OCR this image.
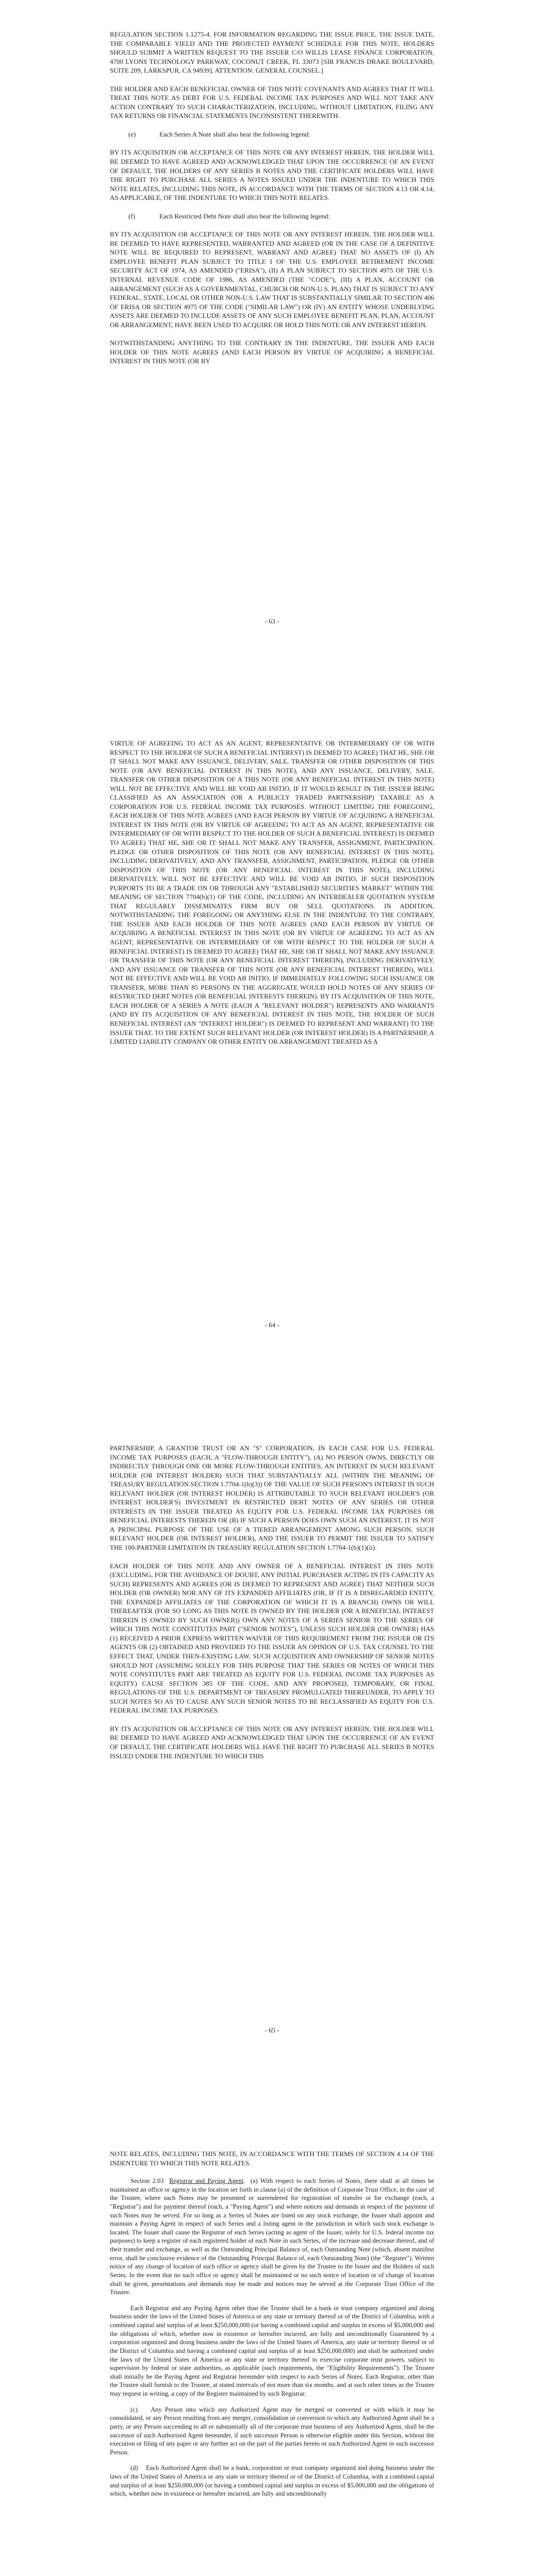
REGULATION SECTION 1.1275-4. FOR INFORMATION REGARDING THE ISSUE PRICE, THE ISSUE DATE, THE COMPARABLE YIELD AND THE PROJECTED PAYMENT SCHEDULE FOR THIS NOTE, HOLDERS SHOULD SUBMIT A WRITTEN REQUEST TO THE ISSUER C/O WILLIS LEASE FINANCE CORPORATION, 4700 LYONS TECHNOLOGY PARKWAY, COCONUT CREEK, FL 33073 [SIR FRANCIS DRAKE BOULEVARD, SUITE 209, LARKSPUR, CA 94939], ATTENTION: GENERAL COUNSEL.]

THE HOLDER AND EACH BENEFICIAL OWNER OF THIS NOTE COVENANTS AND AGREES THAT IT WILL TREAT THIS NOTE AS DEBT FOR U.S. FEDERAL INCOME TAX PURPOSES AND WILL NOT TAKE ANY ACTION CONTRARY TO SUCH CHARACTERIZATION, INCLUDING, WITHOUT LIMITATION, FILING ANY TAX RETURNS OR FINANCIAL STATEMENTS INCONSISTENT THEREWITH.

(e)	Each Series A Note shall also bear the following legend:

BY ITS ACQUISITION OR ACCEPTANCE OF THIS NOTE OR ANY INTEREST HEREIN, THE HOLDER WILL BE DEEMED TO HAVE AGREED AND ACKNOWLEDGED THAT UPON THE OCCURRENCE OF AN EVENT OF DEFAULT, THE HOLDERS OF ANY SERIES B NOTES AND THE CERTIFICATE HOLDERS WILL HAVE THE RIGHT TO PURCHASE ALL SERIES A NOTES ISSUED UNDER THE INDENTURE TO WHICH THIS NOTE RELATES, INCLUDING THIS NOTE, IN ACCORDANCE WITH THE TERMS OF SECTION 4.13 OR 4.14, AS APPLICABLE, OF THE INDENTURE TO WHICH THIS NOTE RELATES.

(f)	Each Restricted Debt Note shall also bear the following legend:

BY ITS ACQUISITION OR ACCEPTANCE OF THIS NOTE OR ANY INTEREST HEREIN, THE HOLDER WILL BE DEEMED TO HAVE REPRESENTED, WARRANTED AND AGREED (OR IN THE CASE OF A DEFINITIVE NOTE WILL BE REQUIRED TO REPRESENT, WARRANT AND AGREE) THAT NO ASSETS OF (I) AN EMPLOYEE BENEFIT PLAN SUBJECT TO TITLE I OF THE U.S. EMPLOYEE RETIREMENT INCOME SECURITY ACT OF 1974, AS AMENDED ("ERISA"), (II) A PLAN SUBJECT TO SECTION 4975 OF THE U.S. INTERNAL REVENUE CODE OF 1986, AS AMENDED (THE "CODE"), (III) A PLAN, ACCOUNT OR ARRANGEMENT (SUCH AS A GOVERNMENTAL, CHURCH OR NON-U.S. PLAN) THAT IS SUBJECT TO ANY FEDERAL, STATE, LOCAL OR OTHER NON-U.S. LAW THAT IS SUBSTANTIALLY SIMILAR TO SECTION 406 OF ERISA OR SECTION 4975 OF THE CODE ("SIMILAR LAW") OR (IV) AN ENTITY WHOSE UNDERLYING ASSETS ARE DEEMED TO INCLUDE ASSETS OF ANY SUCH EMPLOYEE BENEFIT PLAN, PLAN, ACCOUNT OR ARRANGEMENT, HAVE BEEN USED TO ACQUIRE OR HOLD THIS NOTE OR ANY INTEREST HEREIN.

NOTWITHSTANDING ANYTHING TO THE CONTRARY IN THE INDENTURE, THE ISSUER AND EACH HOLDER OF THIS NOTE AGREES (AND EACH PERSON BY VIRTUE OF ACQUIRING A BENEFICIAL INTEREST IN THIS NOTE (OR BY

- 63 -

VIRTUE OF AGREEING TO ACT AS AN AGENT, REPRESENTATIVE OR INTERMEDIARY OF OR WITH RESPECT TO THE HOLDER OF SUCH A BENEFICIAL INTEREST) IS DEEMED TO AGREE) THAT HE, SHE OR IT SHALL NOT MAKE ANY ISSUANCE, DELIVERY, SALE, TRANSFER OR OTHER DISPOSITION OF THIS NOTE (OR ANY BENEFICIAL INTEREST IN THIS NOTE), AND ANY ISSUANCE, DELIVERY, SALE, TRANSFER OR OTHER DISPOSITION OF A THIS NOTE (OR ANY BENEFICIAL INTEREST IN THIS NOTE) WILL NOT BE EFFECTIVE AND WILL BE VOID AB INITIO, IF IT WOULD RESULT IN THE ISSUER BEING CLASSIFIED AS AN ASSOCIATION (OR A PUBLICLY TRADED PARTNERSHIP) TAXABLE AS A CORPORATION FOR U.S. FEDERAL INCOME TAX PURPOSES. WITHOUT LIMITING THE FOREGOING, EACH HOLDER OF THIS NOTE AGREES (AND EACH PERSON BY VIRTUE OF ACQUIRING A BENEFICIAL INTEREST IN THIS NOTE (OR BY VIRTUE OF AGREEING TO ACT AS AN AGENT, REPRESENTATIVE OR INTERMEDIARY OF OR WITH RESPECT TO THE HOLDER OF SUCH A BENEFICIAL INTEREST) IS DEEMED TO AGREE) THAT HE, SHE OR IT SHALL NOT MAKE ANY TRANSFER, ASSIGNMENT, PARTICIPATION, PLEDGE OR OTHER DISPOSITION OF THIS NOTE (OR ANY BENEFICIAL INTEREST IN THIS NOTE), INCLUDING DERIVATIVELY, AND ANY TRANSFER, ASSIGNMENT, PARTICIPATION, PLEDGE OR OTHER DISPOSITION OF THIS NOTE (OR ANY BENEFICIAL INTEREST IN THIS NOTE), INCLUDING DERIVATIVELY, WILL NOT BE EFFECTIVE AND WILL BE VOID AB INITIO, IF SUCH DISPOSITION PURPORTS TO BE A TRADE ON OR THROUGH ANY "ESTABLISHED SECURITIES MARKET" WITHIN THE MEANING OF SECTION 7704(b)(1) OF THE CODE, INCLUDING AN INTERDEALER QUOTATION SYSTEM THAT REGULARLY DISSEMINATES FIRM BUY OR SELL QUOTATIONS. IN ADDITION, NOTWITHSTANDING THE FOREGOING OR ANYTHING ELSE IN THE INDENTURE TO THE CONTRARY, THE ISSUER AND EACH HOLDER OF THIS NOTE AGREES (AND EACH PERSON BY VIRTUE OF ACQUIRING A BENEFICIAL INTEREST IN THIS NOTE (OR BY VIRTUE OF AGREEING TO ACT AS AN AGENT, REPRESENTATIVE OR INTERMEDIARY OF OR WITH RESPECT TO THE HOLDER OF SUCH A BENEFICIAL INTEREST) IS DEEMED TO AGREE) THAT HE, SHE OR IT SHALL NOT MAKE ANY ISSUANCE OR TRANSFER OF THIS NOTE (OR ANY BENEFICIAL INTEREST THEREIN), INCLUDING DERIVATIVELY, AND ANY ISSUANCE OR TRANSFER OF THIS NOTE (OR ANY BENEFICIAL INTEREST THEREIN), WILL NOT BE EFFECTIVE AND WILL BE VOID AB INITIO, IF IMMEDIATELY FOLLOWING SUCH ISSUANCE OR TRANSFER, MORE THAN 85 PERSONS IN THE AGGREGATE WOULD HOLD NOTES OF ANY SERIES OF RESTRICTED DEBT NOTES (OR BENEFICIAL INTERESTS THEREIN). BY ITS ACQUISITION OF THIS NOTE, EACH HOLDER OF A SERIES A NOTE (EACH A "RELEVANT HOLDER") REPRESENTS AND WARRANTS (AND BY ITS ACQUISITION OF ANY BENEFICIAL INTEREST IN THIS NOTE, THE HOLDER OF SUCH BENEFICIAL INTEREST (AN "INTEREST HOLDER") IS DEEMED TO REPRESENT AND WARRANT) TO THE ISSUER THAT, TO THE EXTENT SUCH RELEVANT HOLDER (OR INTEREST HOLDER) IS A PARTNERSHIP, A LIMITED LIABILITY COMPANY OR OTHER ENTITY OR ARRANGEMENT TREATED AS A

- 64 -

PARTNERSHIP, A GRANTOR TRUST OR AN "S" CORPORATION, IN EACH CASE FOR U.S. FEDERAL INCOME TAX PURPOSES (EACH, A "FLOW-THROUGH ENTITY"), (A) NO PERSON OWNS, DIRECTLY OR INDIRECTLY THROUGH ONE OR MORE FLOW-THROUGH ENTITIES, AN INTEREST IN SUCH RELEVANT HOLDER (OR INTEREST HOLDER) SUCH THAT SUBSTANTIALLY ALL (WITHIN THE MEANING OF TREASURY REGULATION SECTION 1.7704-1(h)(3)) OF THE VALUE OF SUCH PERSON'S INTEREST IN SUCH RELEVANT HOLDER (OR INTEREST HOLDER) IS ATTRIBUTABLE TO SUCH RELEVANT HOLDER'S (OR INTEREST HOLDER'S) INVESTMENT IN RESTRICTED DEBT NOTES OF ANY SERIES OR OTHER INTERESTS IN THE ISSUER TREATED AS EQUITY FOR U.S. FEDERAL INCOME TAX PURPOSES OR BENEFICIAL INTERESTS THEREIN OR (B) IF SUCH A PERSON DOES OWN SUCH AN INTEREST, IT IS NOT A PRINCIPAL PURPOSE OF THE USE OF A TIERED ARRANGEMENT AMONG SUCH PERSON, SUCH RELEVANT HOLDER (OR INTEREST HOLDER), AND THE ISSUER TO PERMIT THE ISSUER TO SATISFY THE 100-PARTNER LIMITATION IN TREASURY REGULATION SECTION 1.7704-1(h)(1)(ii).

EACH HOLDER OF THIS NOTE AND ANY OWNER OF A BENEFICIAL INTEREST IN THIS NOTE (EXCLUDING, FOR THE AVOIDANCE OF DOUBT, ANY INITIAL PURCHASER ACTING IN ITS CAPACITY AS SUCH) REPRESENTS AND AGREES (OR IS DEEMED TO REPRESENT AND AGREE) THAT NEITHER SUCH HOLDER (OR OWNER) NOR ANY OF ITS EXPANDED AFFILIATES (OR, IF IT IS A DISREGARDED ENTITY, THE EXPANDED AFFILIATES OF THE CORPORATION OF WHICH IT IS A BRANCH) OWNS OR WILL THEREAFTER (FOR SO LONG AS THIS NOTE IS OWNED BY THE HOLDER (OR A BENEFICIAL INTEREST THEREIN IS OWNED BY SUCH OWNER)) OWN ANY NOTES OF A SERIES SENIOR TO THE SERIES OF WHICH THIS NOTE CONSTITUTES PART ("SENIOR NOTES"), UNLESS SUCH HOLDER (OR OWNER) HAS (1) RECEIVED A PRIOR EXPRESS WRITTEN WAIVER OF THIS REQUIREMENT FROM THE ISSUER OR ITS AGENTS OR (2) OBTAINED AND PROVIDED TO THE ISSUER AN OPINION OF U.S. TAX COUNSEL TO THE EFFECT THAT, UNDER THEN-EXISTING LAW, SUCH ACQUISITION AND OWNERSHIP OF SENIOR NOTES SHOULD NOT (ASSUMING SOLELY FOR THIS PURPOSE THAT THE SERIES OR NOTES OF WHICH THIS NOTE CONSTITUTES PART ARE TREATED AS EQUITY FOR U.S. FEDERAL INCOME TAX PURPOSES AS EQUITY) CAUSE SECTION 385 OF THE CODE, AND ANY PROPOSED, TEMPORARY, OR FINAL REGULATIONS OF THE U.S. DEPARTMENT OF TREASURY PROMULGATED THEREUNDER, TO APPLY TO SUCH NOTES SO AS TO CAUSE ANY SUCH SENIOR NOTES TO BE RECLASSIFIED AS EQUITY FOR U.S. FEDERAL INCOME TAX PURPOSES.

BY ITS ACQUISITION OR ACCEPTANCE OF THIS NOTE OR ANY INTEREST HEREIN, THE HOLDER WILL BE DEEMED TO HAVE AGREED AND ACKNOWLEDGED THAT UPON THE OCCURRENCE OF AN EVENT OF DEFAULT, THE CERTIFICATE HOLDERS WILL HAVE THE RIGHT TO PURCHASE ALL SERIES B NOTES ISSUED UNDER THE INDENTURE TO WHICH THIS

- 65 -

NOTE RELATES, INCLUDING THIS NOTE, IN ACCORDANCE WITH THE TERMS OF SECTION 4.14 OF THE INDENTURE TO WHICH THIS NOTE RELATES.

Section 2.03 Registrar and Paying Agent.  (a) With respect to each Series of Notes, there shall at all times be maintained an office or agency in the location set forth in clause (a) of the definition of Corporate Trust Office, in the case of the Trustee, where such Notes may be presented or surrendered for registration of transfer or for exchange (each, a "Registrar") and for payment thereof (each, a "Paying Agent") and where notices and demands in respect of the payment of such Notes may be served. For so long as a Series of Notes are listed on any stock exchange, the Issuer shall appoint and maintain a Paying Agent in respect of such Series and a listing agent in the jurisdiction in which such stock exchange is located. The Issuer shall cause the Registrar of each Series (acting as agent of the Issuer, solely for U.S. federal income tax purposes) to keep a register of each registered holder of each Note in such Series, of the increase and decrease thereof, and of their transfer and exchange, as well as the Outstanding Principal Balance of, each Outstanding Note (which, absent manifest error, shall be conclusive evidence of the Outstanding Principal Balance of, each Outstanding Note) (the "Register"). Written notice of any change of location of such office or agency shall be given by the Trustee to the Issuer and the Holders of such Series. In the event that no such office or agency shall be maintained or no such notice of location or of change of location shall be given, presentations and demands may be made and notices may be served at the Corporate Trust Office of the Trustee.

Each Registrar and any Paying Agent other than the Trustee shall be a bank or trust company organized and doing business under the laws of the United States of America or any state or territory thereof or of the District of Columbia, with a combined capital and surplus of at least $250,000,000 (or having a combined capital and surplus in excess of $5,000,000 and the obligations of which, whether now in existence or hereafter incurred, are fully and unconditionally Guaranteed by a corporation organized and doing business under the laws of the United States of America, any state or territory thereof or of the District of Columbia and having a combined capital and surplus of at least $250,000,000) and shall be authorized under the laws of the United States of America or any state or territory thereof to exercise corporate trust powers, subject to supervision by federal or state authorities, as applicable (such requirements, the "Eligibility Requirements"). The Trustee shall initially be the Paying Agent and Registrar hereunder with respect to each Series of Notes. Each Registrar, other than the Trustee shall furnish to the Trustee, at stated intervals of not more than six months, and at such other times as the Trustee may request in writing, a copy of the Register maintained by such Registrar.

(c)    Any Person into which any Authorized Agent may be merged or converted or with which it may be consolidated, or any Person resulting from any merger, consolidation or conversion to which any Authorized Agent shall be a party, or any Person succeeding to all or substantially all of the corporate trust business of any Authorized Agent, shall be the successor of such Authorized Agent hereunder, if such successor Person is otherwise eligible under this Section, without the execution or filing of any paper or any further act on the part of the parties hereto or such Authorized Agent or such successor Person.

(d)    Each Authorized Agent shall be a bank, corporation or trust company organized and doing business under the laws of the United States of America or any state or territory thereof or of the District of Columbia, with a combined capital and surplus of at least $250,000,000 (or having a combined capital and surplus in excess of $5,000,000 and the obligations of which, whether now in existence or hereafter incurred, are fully and unconditionally
